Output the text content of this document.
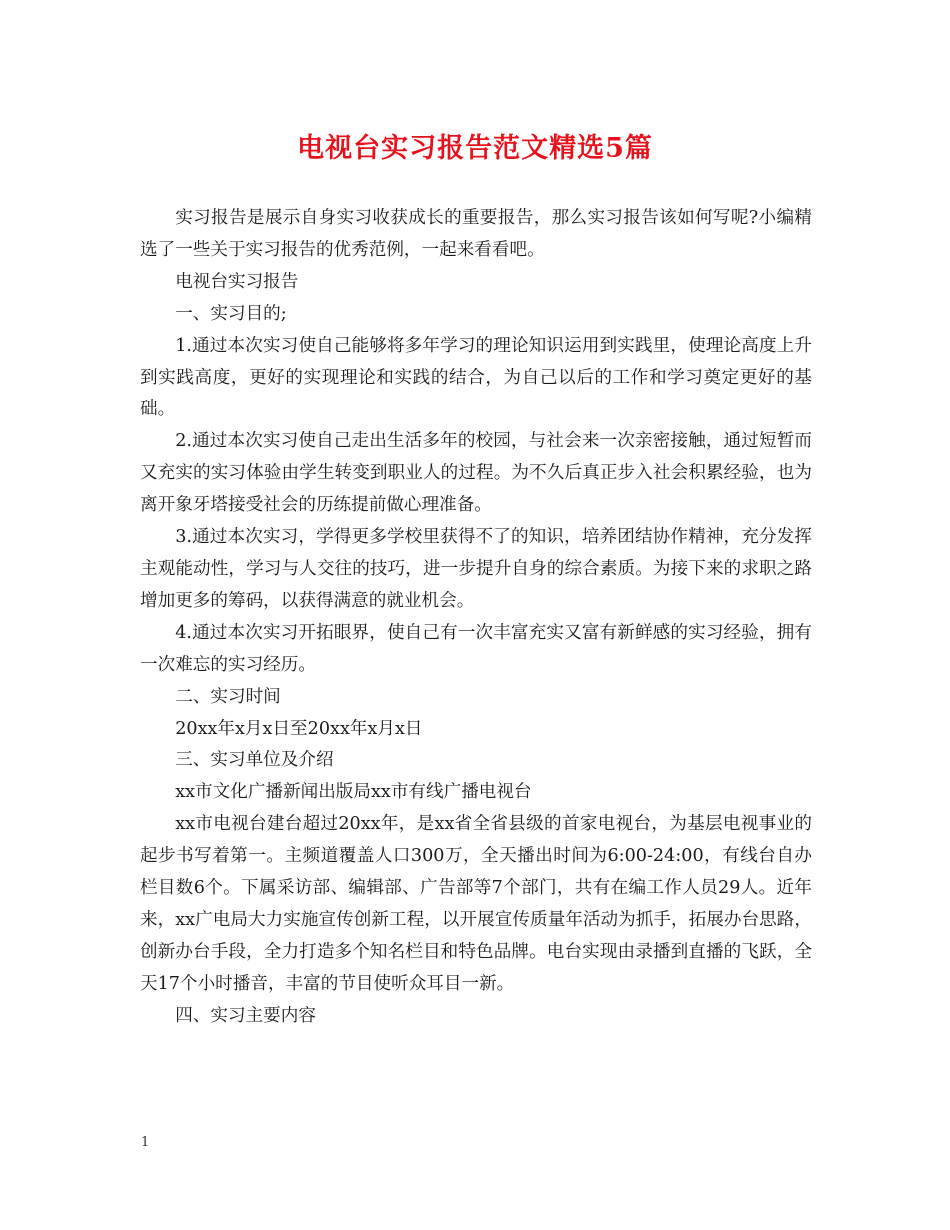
电视台实习报告范文精选5篇

实习报告是展示自身实习收获成长的重要报告，那么实习报告该如何写呢?小编精选了一些关于实习报告的优秀范例，一起来看看吧。

电视台实习报告

一、实习目的;

1.通过本次实习使自己能够将多年学习的理论知识运用到实践里，使理论高度上升到实践高度，更好的实现理论和实践的结合，为自己以后的工作和学习奠定更好的基础。

2.通过本次实习使自己走出生活多年的校园，与社会来一次亲密接触，通过短暂而又充实的实习体验由学生转变到职业人的过程。为不久后真正步入社会积累经验，也为离开象牙塔接受社会的历练提前做心理准备。

3.通过本次实习，学得更多学校里获得不了的知识，培养团结协作精神，充分发挥主观能动性，学习与人交往的技巧，进一步提升自身的综合素质。为接下来的求职之路增加更多的筹码，以获得满意的就业机会。

4.通过本次实习开拓眼界，使自己有一次丰富充实又富有新鲜感的实习经验，拥有一次难忘的实习经历。

二、实习时间

20xx年x月x日至20xx年x月x日

三、实习单位及介绍

xx市文化广播新闻出版局xx市有线广播电视台

xx市电视台建台超过20xx年，是xx省全省县级的首家电视台，为基层电视事业的起步书写着第一。主频道覆盖人口300万，全天播出时间为6:00-24:00，有线台自办栏目数6个。下属采访部、编辑部、广告部等7个部门，共有在编工作人员29人。近年来，xx广电局大力实施宣传创新工程，以开展宣传质量年活动为抓手，拓展办台思路，创新办台手段，全力打造多个知名栏目和特色品牌。电台实现由录播到直播的飞跃，全天17个小时播音，丰富的节目使听众耳目一新。

四、实习主要内容

1
